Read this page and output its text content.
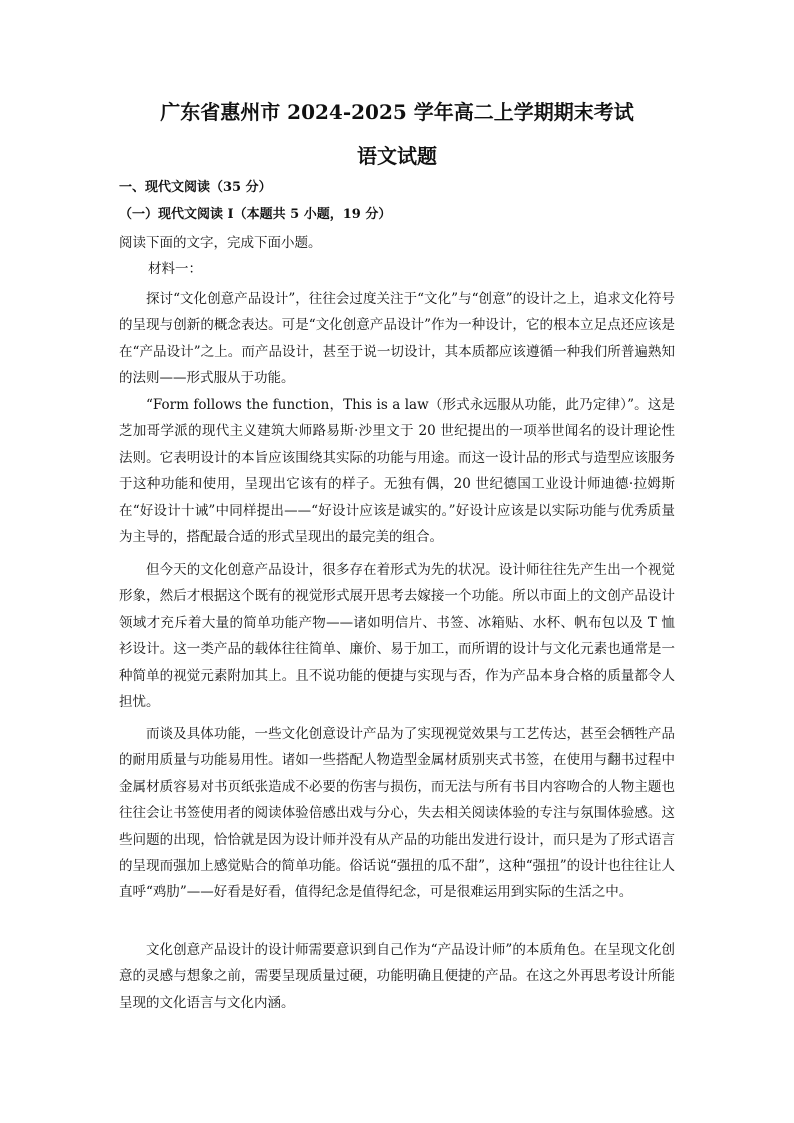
广东省惠州市 2024-2025 学年高二上学期期末考试
语文试题

一、现代文阅读（35 分）

（一）现代文阅读 I（本题共 5 小题，19 分）

阅读下面的文字，完成下面小题。

材料一：

探讨“文化创意产品设计”，往往会过度关注于“文化”与“创意”的设计之上，追求文化符号的呈现与创新的概念表达。可是“文化创意产品设计”作为一种设计，它的根本立足点还应该是在“产品设计”之上。而产品设计，甚至于说一切设计，其本质都应该遵循一种我们所普遍熟知的法则——形式服从于功能。

“Form follows the function，This is a law（形式永远服从功能，此乃定律）”。这是芝加哥学派的现代主义建筑大师路易斯·沙里文于 20 世纪提出的一项举世闻名的设计理论性法则。它表明设计的本旨应该围绕其实际的功能与用途。而这一设计品的形式与造型应该服务于这种功能和使用，呈现出它该有的样子。无独有偶，20 世纪德国工业设计师迪德·拉姆斯在“好设计十诫”中同样提出——“好设计应该是诚实的。”好设计应该是以实际功能与优秀质量为主导的，搭配最合适的形式呈现出的最完美的组合。

但今天的文化创意产品设计，很多存在着形式为先的状况。设计师往往先产生出一个视觉形象，然后才根据这个既有的视觉形式展开思考去嫁接一个功能。所以市面上的文创产品设计领域才充斥着大量的简单功能产物——诸如明信片、书签、冰箱贴、水杯、帆布包以及 T 恤衫设计。这一类产品的载体往往简单、廉价、易于加工，而所谓的设计与文化元素也通常是一种简单的视觉元素附加其上。且不说功能的便捷与实现与否，作为产品本身合格的质量都令人担忧。

而谈及具体功能，一些文化创意设计产品为了实现视觉效果与工艺传达，甚至会牺牲产品的耐用质量与功能易用性。诸如一些搭配人物造型金属材质别夹式书签，在使用与翻书过程中金属材质容易对书页纸张造成不必要的伤害与损伤，而无法与所有书目内容吻合的人物主题也往往会让书签使用者的阅读体验倍感出戏与分心，失去相关阅读体验的专注与氛围体验感。这些问题的出现，恰恰就是因为设计师并没有从产品的功能出发进行设计，而只是为了形式语言的呈现而强加上感觉贴合的简单功能。俗话说“强扭的瓜不甜”，这种“强扭”的设计也往往让人直呼“鸡肋”——好看是好看，值得纪念是值得纪念，可是很难运用到实际的生活之中。

文化创意产品设计的设计师需要意识到自己作为“产品设计师”的本质角色。在呈现文化创意的灵感与想象之前，需要呈现质量过硬，功能明确且便捷的产品。在这之外再思考设计所能呈现的文化语言与文化内涵。
